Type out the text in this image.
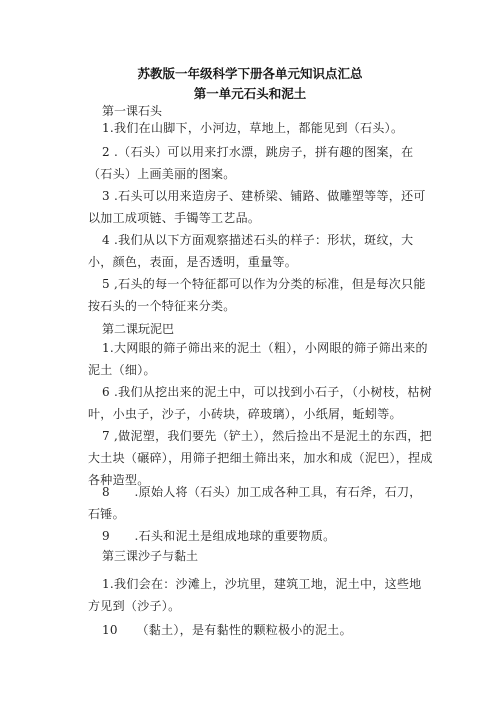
苏教版一年级科学下册各单元知识点汇总
第一单元石头和泥土
第一课石头
1.我们在山脚下，小河边，草地上，都能见到（石头）。
2 .（石头）可以用来打水漂，跳房子，拼有趣的图案，在（石头）上画美丽的图案。
3 .石头可以用来造房子、建桥梁、铺路、做雕塑等等，还可以加工成项链、手镯等工艺品。
4 .我们从以下方面观察描述石头的样子：形状，斑纹，大小，颜色，表面，是否透明，重量等。
5 ,石头的每一个特征都可以作为分类的标准，但是每次只能按石头的一个特征来分类。
第二课玩泥巴
1.大网眼的筛子筛出来的泥土（粗），小网眼的筛子筛出来的泥土（细）。
6 .我们从挖出来的泥土中，可以找到小石子，（小树枝，枯树叶，小虫子，沙子，小砖块，碎玻璃），小纸屑，蚯蚓等。
7 ,做泥塑，我们要先（铲土），然后捡出不是泥土的东西，把大土块（碾碎），用筛子把细土筛出来，加水和成（泥巴），捏成各种造型。
8　　.原始人将（石头）加工成各种工具，有石斧，石刀，石锤。
9　　.石头和泥土是组成地球的重要物质。
第三课沙子与黏土
1.我们会在：沙滩上，沙坑里，建筑工地，泥土中，这些地方见到（沙子）。
10　　（黏土），是有黏性的颗粒极小的泥土。
